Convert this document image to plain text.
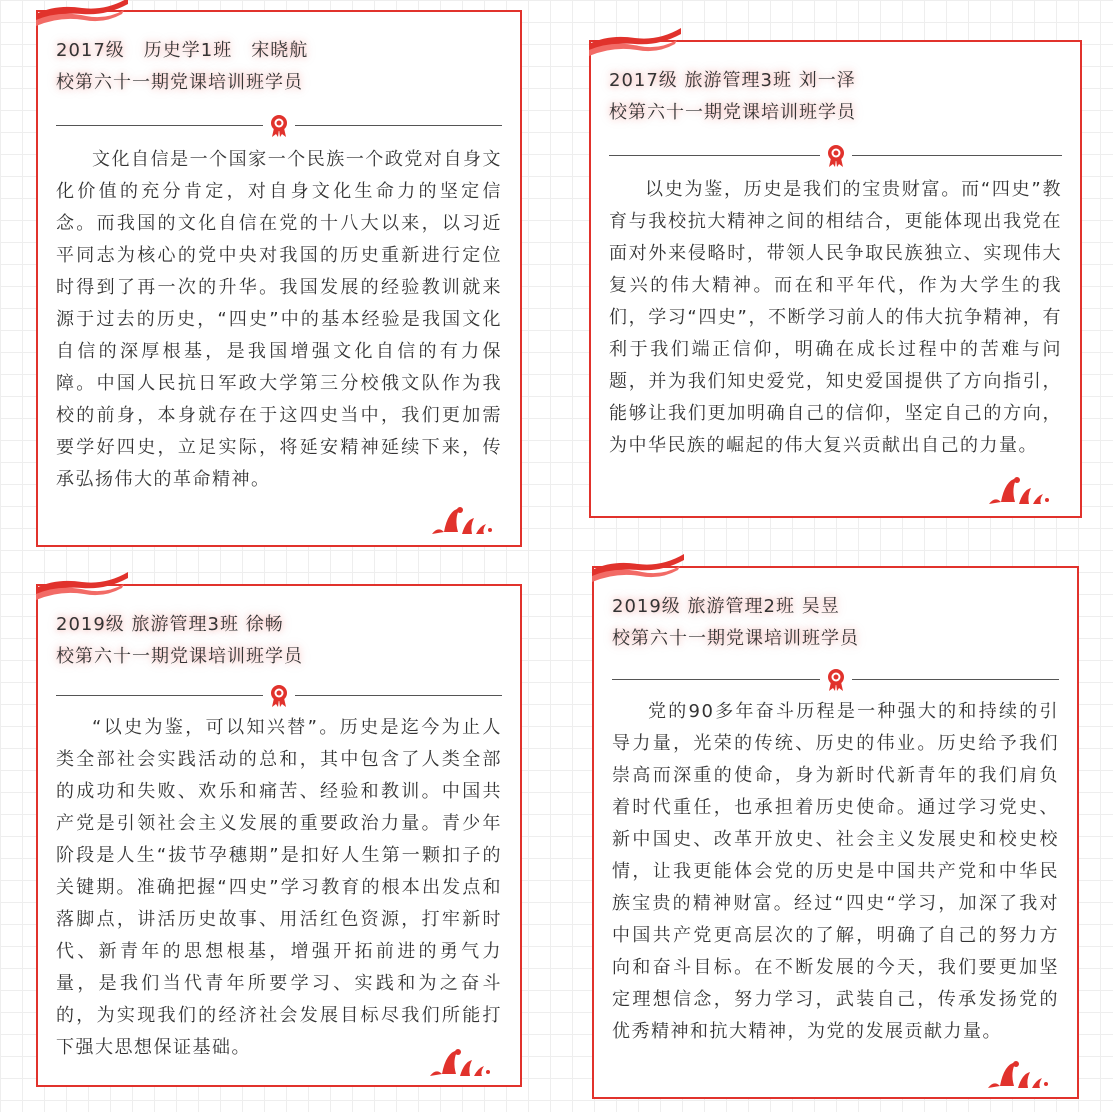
2017级　历史学1班　宋晓航
校第六十一期党课培训班学员

文化自信是一个国家一个民族一个政党对自身文化价值的充分肯定，对自身文化生命力的坚定信念。而我国的文化自信在党的十八大以来，以习近平同志为核心的党中央对我国的历史重新进行定位时得到了再一次的升华。我国发展的经验教训就来源于过去的历史，“四史”中的基本经验是我国文化自信的深厚根基，是我国增强文化自信的有力保障。中国人民抗日军政大学第三分校俄文队作为我校的前身，本身就存在于这四史当中，我们更加需要学好四史，立足实际，将延安精神延续下来，传承弘扬伟大的革命精神。

2017级 旅游管理3班 刘一泽
校第六十一期党课培训班学员

以史为鉴，历史是我们的宝贵财富。而“四史”教育与我校抗大精神之间的相结合，更能体现出我党在面对外来侵略时，带领人民争取民族独立、实现伟大复兴的伟大精神。而在和平年代，作为大学生的我们，学习“四史”，不断学习前人的伟大抗争精神，有利于我们端正信仰，明确在成长过程中的苦难与问题，并为我们知史爱党，知史爱国提供了方向指引，能够让我们更加明确自己的信仰，坚定自己的方向，为中华民族的崛起的伟大复兴贡献出自己的力量。

2019级 旅游管理3班 徐畅
校第六十一期党课培训班学员

“以史为鉴，可以知兴替”。历史是迄今为止人类全部社会实践活动的总和，其中包含了人类全部的成功和失败、欢乐和痛苦、经验和教训。中国共产党是引领社会主义发展的重要政治力量。青少年阶段是人生“拔节孕穗期”是扣好人生第一颗扣子的关键期。准确把握“四史”学习教育的根本出发点和落脚点，讲活历史故事、用活红色资源，打牢新时代、新青年的思想根基，增强开拓前进的勇气力量，是我们当代青年所要学习、实践和为之奋斗的，为实现我们的经济社会发展目标尽我们所能打下强大思想保证基础。

2019级 旅游管理2班 吴昱
校第六十一期党课培训班学员

党的90多年奋斗历程是一种强大的和持续的引导力量，光荣的传统、历史的伟业。历史给予我们崇高而深重的使命，身为新时代新青年的我们肩负着时代重任，也承担着历史使命。通过学习党史、新中国史、改革开放史、社会主义发展史和校史校情，让我更能体会党的历史是中国共产党和中华民族宝贵的精神财富。经过“四史“学习，加深了我对中国共产党更高层次的了解，明确了自己的努力方向和奋斗目标。在不断发展的今天，我们要更加坚定理想信念，努力学习，武装自己，传承发扬党的优秀精神和抗大精神，为党的发展贡献力量。
